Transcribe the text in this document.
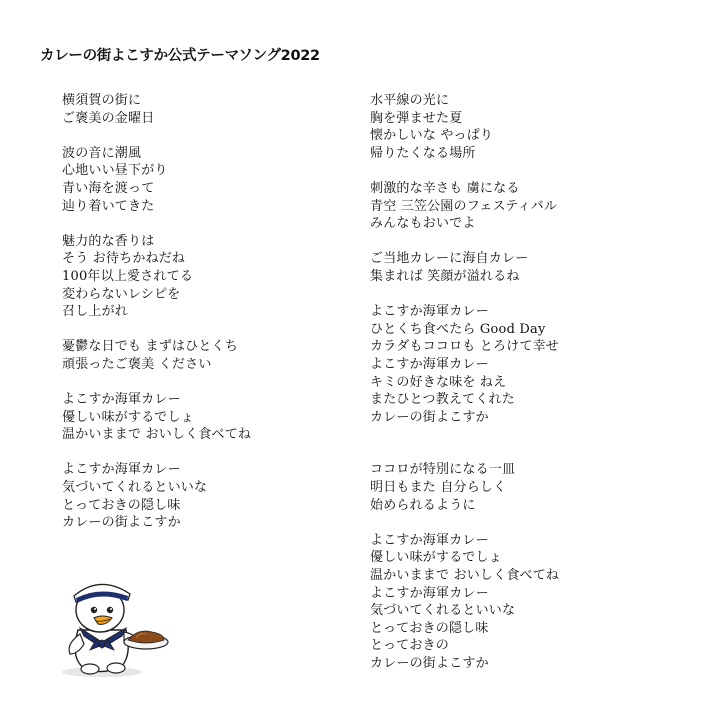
カレーの街よこすか公式テーマソング2022
横須賀の街に
ご褒美の金曜日
波の音に潮風
心地いい昼下がり
青い海を渡って
辿り着いてきた
魅力的な香りは
そう お待ちかねだね
100年以上愛されてる
変わらないレシピを
召し上がれ
憂鬱な日でも まずはひとくち
頑張ったご褒美 ください
よこすか海軍カレー
優しい味がするでしょ
温かいままで おいしく食べてね
よこすか海軍カレー
気づいてくれるといいな
とっておきの隠し味
カレーの街よこすか
水平線の光に
胸を弾ませた夏
懐かしいな やっぱり
帰りたくなる場所
刺激的な辛さも 虜になる
青空 三笠公園のフェスティバル
みんなもおいでよ
ご当地カレーに海自カレー
集まれば 笑顔が溢れるね
よこすか海軍カレー
ひとくち食べたら Good Day
カラダもココロも とろけて幸せ
よこすか海軍カレー
キミの好きな味を ねえ
またひとつ教えてくれた
カレーの街よこすか
ココロが特別になる一皿
明日もまた 自分らしく
始められるように
よこすか海軍カレー
優しい味がするでしょ
温かいままで おいしく食べてね
よこすか海軍カレー
気づいてくれるといいな
とっておきの隠し味
とっておきの
カレーの街よこすか
